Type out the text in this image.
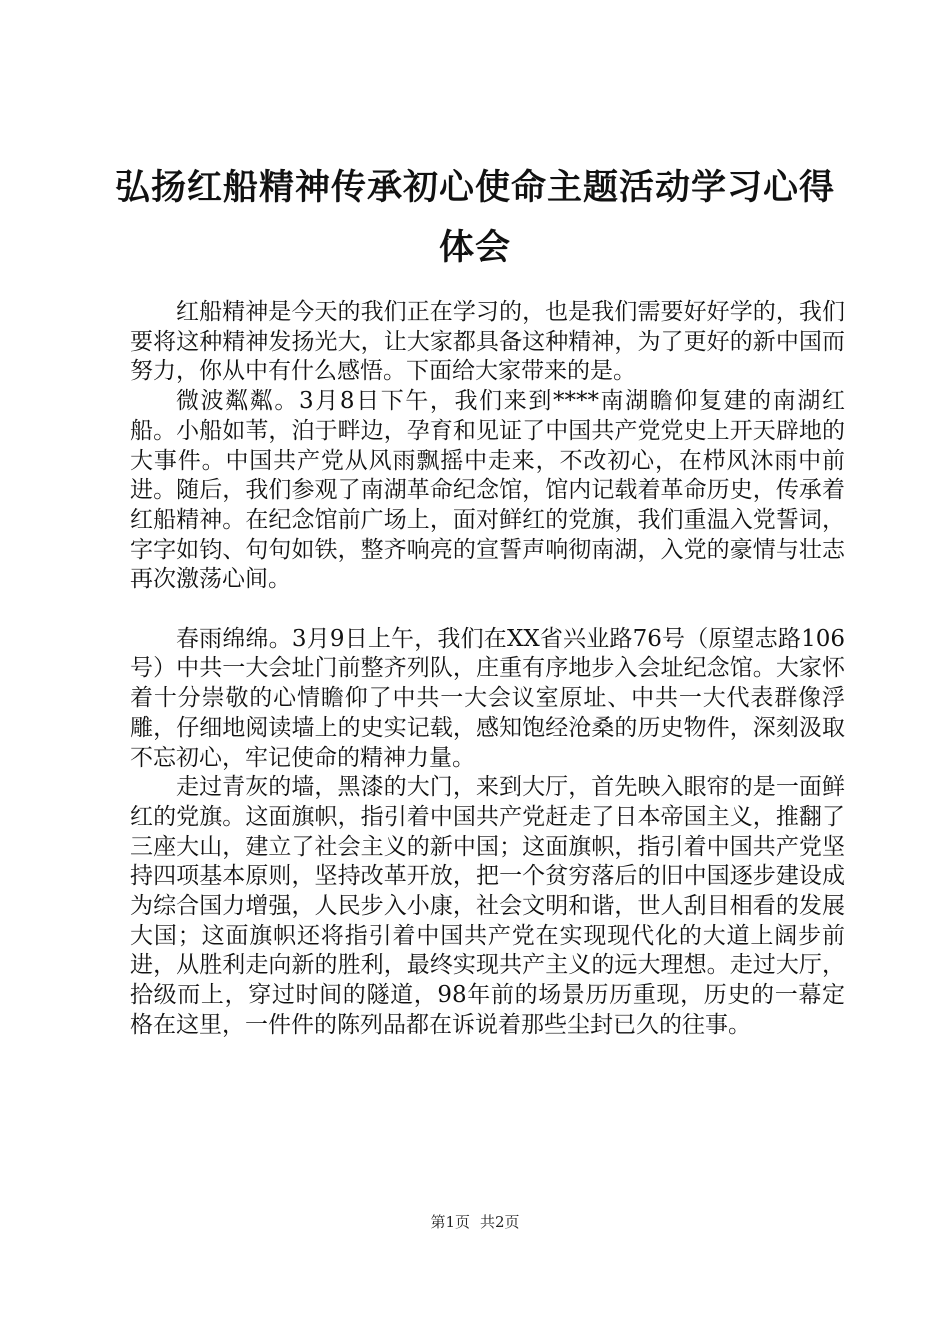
弘扬红船精神传承初心使命主题活动学习心得体会

红船精神是今天的我们正在学习的，也是我们需要好好学的，我们要将这种精神发扬光大，让大家都具备这种精神，为了更好的新中国而努力，你从中有什么感悟。下面给大家带来的是。

微波粼粼。3月8日下午，我们来到****南湖瞻仰复建的南湖红船。小船如苇，泊于畔边，孕育和见证了中国共产党党史上开天辟地的大事件。中国共产党从风雨飘摇中走来，不改初心，在栉风沐雨中前进。随后，我们参观了南湖革命纪念馆，馆内记载着革命历史，传承着红船精神。在纪念馆前广场上，面对鲜红的党旗，我们重温入党誓词，字字如钧、句句如铁，整齐响亮的宣誓声响彻南湖，入党的豪情与壮志再次激荡心间。

春雨绵绵。3月9日上午，我们在XX省兴业路76号（原望志路106号）中共一大会址门前整齐列队，庄重有序地步入会址纪念馆。大家怀着十分崇敬的心情瞻仰了中共一大会议室原址、中共一大代表群像浮雕，仔细地阅读墙上的史实记载，感知饱经沧桑的历史物件，深刻汲取不忘初心，牢记使命的精神力量。

走过青灰的墙，黑漆的大门，来到大厅，首先映入眼帘的是一面鲜红的党旗。这面旗帜，指引着中国共产党赶走了日本帝国主义，推翻了三座大山，建立了社会主义的新中国；这面旗帜，指引着中国共产党坚持四项基本原则，坚持改革开放，把一个贫穷落后的旧中国逐步建设成为综合国力增强，人民步入小康，社会文明和谐，世人刮目相看的发展大国；这面旗帜还将指引着中国共产党在实现现代化的大道上阔步前进，从胜利走向新的胜利，最终实现共产主义的远大理想。走过大厅，拾级而上，穿过时间的隧道，98年前的场景历历重现，历史的一幕定格在这里，一件件的陈列品都在诉说着那些尘封已久的往事。

第1页 共2页
